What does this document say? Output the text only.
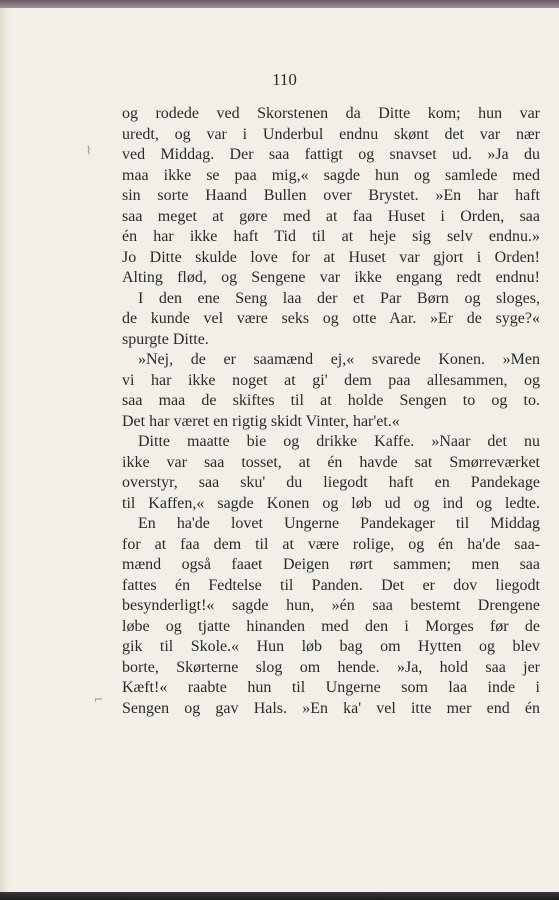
110
⌇
⌐
og rodede ved Skorstenen da Ditte kom; hun var
uredt, og var i Underbul endnu skønt det var nær
ved Middag. Der saa fattigt og snavset ud. »Ja du
maa ikke se paa mig,« sagde hun og samlede med
sin sorte Haand Bullen over Brystet. »En har haft
saa meget at gøre med at faa Huset i Orden, saa
én har ikke haft Tid til at heje sig selv endnu.»
Jo Ditte skulde love for at Huset var gjort i Orden!
Alting flød, og Sengene var ikke engang redt endnu!
I den ene Seng laa der et Par Børn og sloges,
de kunde vel være seks og otte Aar. »Er de syge?«
spurgte Ditte.
»Nej, de er saamænd ej,« svarede Konen. »Men
vi har ikke noget at gi' dem paa allesammen, og
saa maa de skiftes til at holde Sengen to og to.
Det har været en rigtig skidt Vinter, har'et.«
Ditte maatte bie og drikke Kaffe. »Naar det nu
ikke var saa tosset, at én havde sat Smørreværket
overstyr, saa sku' du liegodt haft en Pandekage
til Kaffen,« sagde Konen og løb ud og ind og ledte.
En ha'de lovet Ungerne Pandekager til Middag
for at faa dem til at være rolige, og én ha'de saa-
mænd også faaet Deigen rørt sammen; men saa
fattes én Fedtelse til Panden. Det er dov liegodt
besynderligt!« sagde hun, »én saa bestemt Drengene
løbe og tjatte hinanden med den i Morges før de
gik til Skole.« Hun løb bag om Hytten og blev
borte, Skørterne slog om hende. »Ja, hold saa jer
Kæft!« raabte hun til Ungerne som laa inde i
Sengen og gav Hals. »En ka' vel itte mer end én
